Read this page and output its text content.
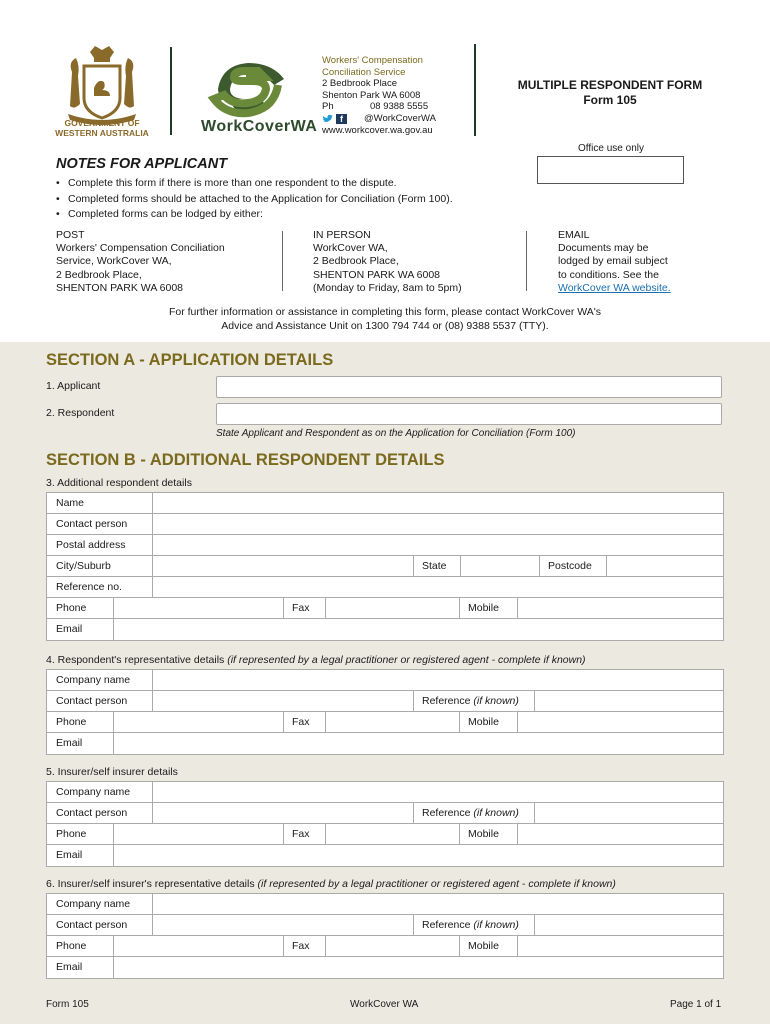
GOVERNMENT OF
WESTERN AUSTRALIA	WorkCoverWA
Workers' Compensation
Conciliation Service
2 Bedbrook Place
Shenton Park WA 6008
Ph	08 9388 5555
f	@WorkCoverWA
www.workcover.wa.gov.au
MULTIPLE RESPONDENT FORM
Form 105
Office use only
NOTES FOR APPLICANT
• Complete this form if there is more than one respondent to the dispute.
• Completed forms should be attached to the Application for Conciliation (Form 100).
• Completed forms can be lodged by either:
POST
Workers' Compensation Conciliation
Service, WorkCover WA,
2 Bedbrook Place,
SHENTON PARK WA 6008
IN PERSON
WorkCover WA,
2 Bedbrook Place,
SHENTON PARK WA 6008
(Monday to Friday, 8am to 5pm)
EMAIL
Documents may be
lodged by email subject
to conditions. See the
WorkCover WA website.
For further information or assistance in completing this form, please contact WorkCover WA's
Advice and Assistance Unit on 1300 794 744 or (08) 9388 5537 (TTY).
SECTION A - APPLICATION DETAILS
1. Applicant
2. Respondent
State Applicant and Respondent as on the Application for Conciliation (Form 100)
SECTION B - ADDITIONAL RESPONDENT DETAILS
3. Additional respondent details
Name
Contact person
Postal address
City/Suburb	State	Postcode
Reference no.
Phone	Fax	Mobile
Email
4. Respondent's representative details (if represented by a legal practitioner or registered agent - complete if known)
Company name
Contact person	Reference (if known)
Phone	Fax	Mobile
Email
5. Insurer/self insurer details
Company name
Contact person	Reference (if known)
Phone	Fax	Mobile
Email
6. Insurer/self insurer's representative details (if represented by a legal practitioner or registered agent - complete if known)
Company name
Contact person	Reference (if known)
Phone	Fax	Mobile
Email
Form 105	WorkCover WA	Page 1 of 1
